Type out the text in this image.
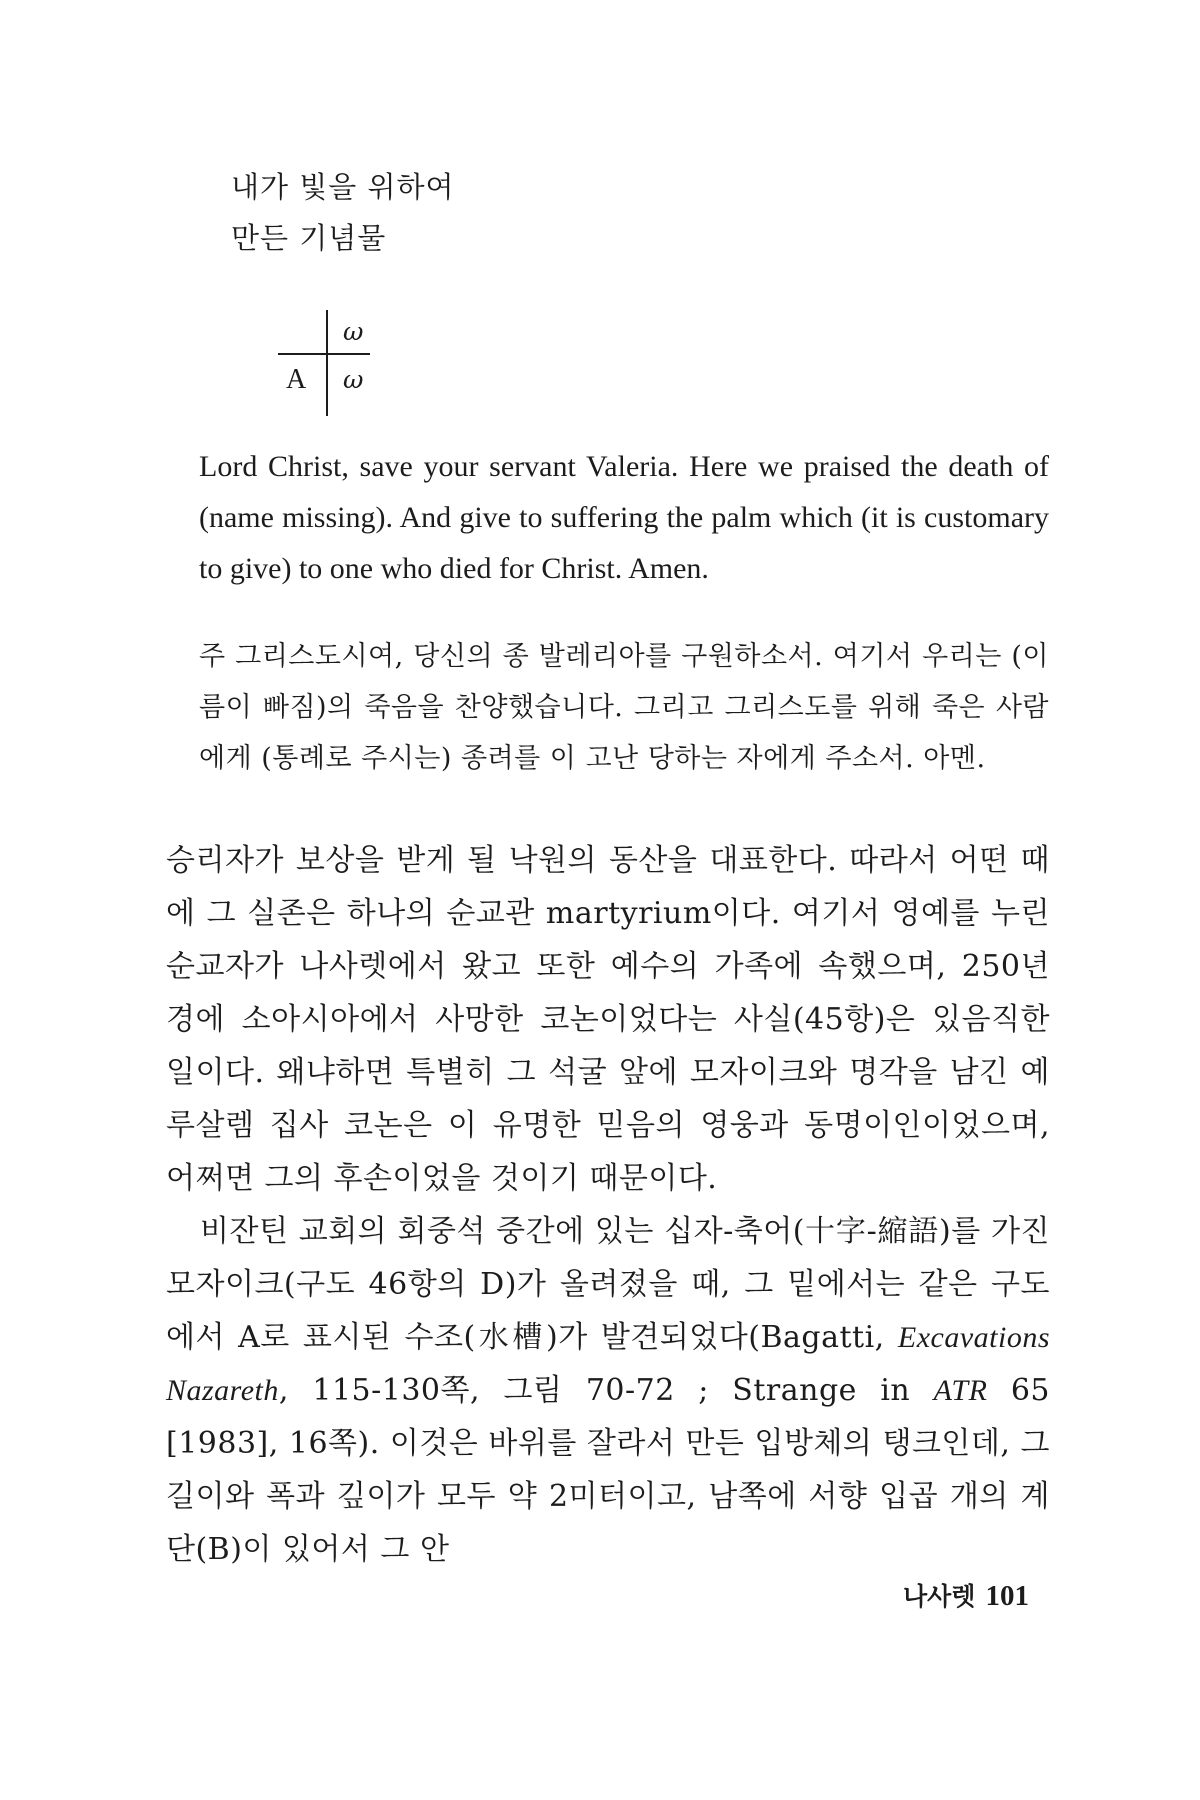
내가 빛을 위하여
만든 기념물
ω
A ω
Lord Christ, save your servant Valeria. Here we praised the death of (name missing). And give to suffering the palm which (it is customary to give) to one who died for Christ. Amen.
주 그리스도시여, 당신의 종 발레리아를 구원하소서. 여기서 우리는 (이름이 빠짐)의 죽음을 찬양했습니다. 그리고 그리스도를 위해 죽은 사람에게 (통례로 주시는) 종려를 이 고난 당하는 자에게 주소서. 아멘.

승리자가 보상을 받게 될 낙원의 동산을 대표한다. 따라서 어떤 때에 그 실존은 하나의 순교관 martyrium이다. 여기서 영예를 누린 순교자가 나사렛에서 왔고 또한 예수의 가족에 속했으며, 250년 경에 소아시아에서 사망한 코논이었다는 사실(45항)은 있음직한 일이다. 왜냐하면 특별히 그 석굴 앞에 모자이크와 명각을 남긴 예루살렘 집사 코논은 이 유명한 믿음의 영웅과 동명이인이었으며, 어쩌면 그의 후손이었을 것이기 때문이다.

비잔틴 교회의 회중석 중간에 있는 십자-축어(十字-縮語)를 가진 모자이크(구도 46항의 D)가 올려졌을 때, 그 밑에서는 같은 구도에서 A로 표시된 수조(水槽)가 발견되었다(Bagatti, Excavations Nazareth, 115-130쪽, 그림 70-72 ; Strange in ATR 65 [1983], 16쪽). 이것은 바위를 잘라서 만든 입방체의 탱크인데, 그 길이와 폭과 깊이가 모두 약 2미터이고, 남쪽에 서향 입곱 개의 계단(B)이 있어서 그 안

나사렛 101
